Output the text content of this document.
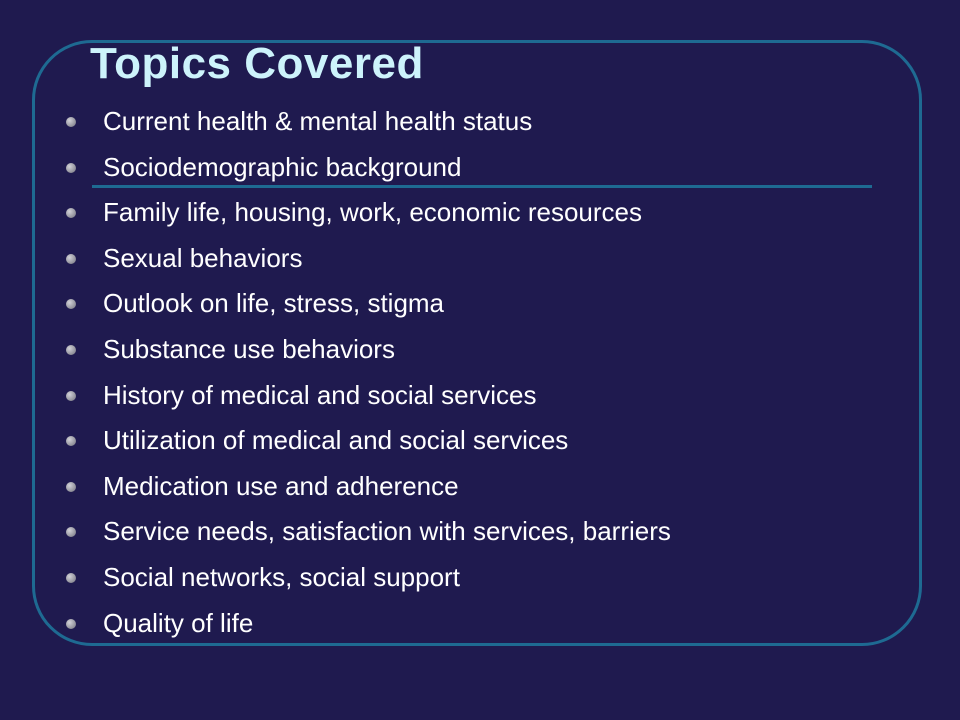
Topics Covered
Current health & mental health status
Sociodemographic background
Family life, housing, work, economic resources
Sexual behaviors
Outlook on life, stress, stigma
Substance use behaviors
History of medical and social services
Utilization of medical and social services
Medication use and adherence
Service needs, satisfaction with services, barriers
Social networks, social support
Quality of life
